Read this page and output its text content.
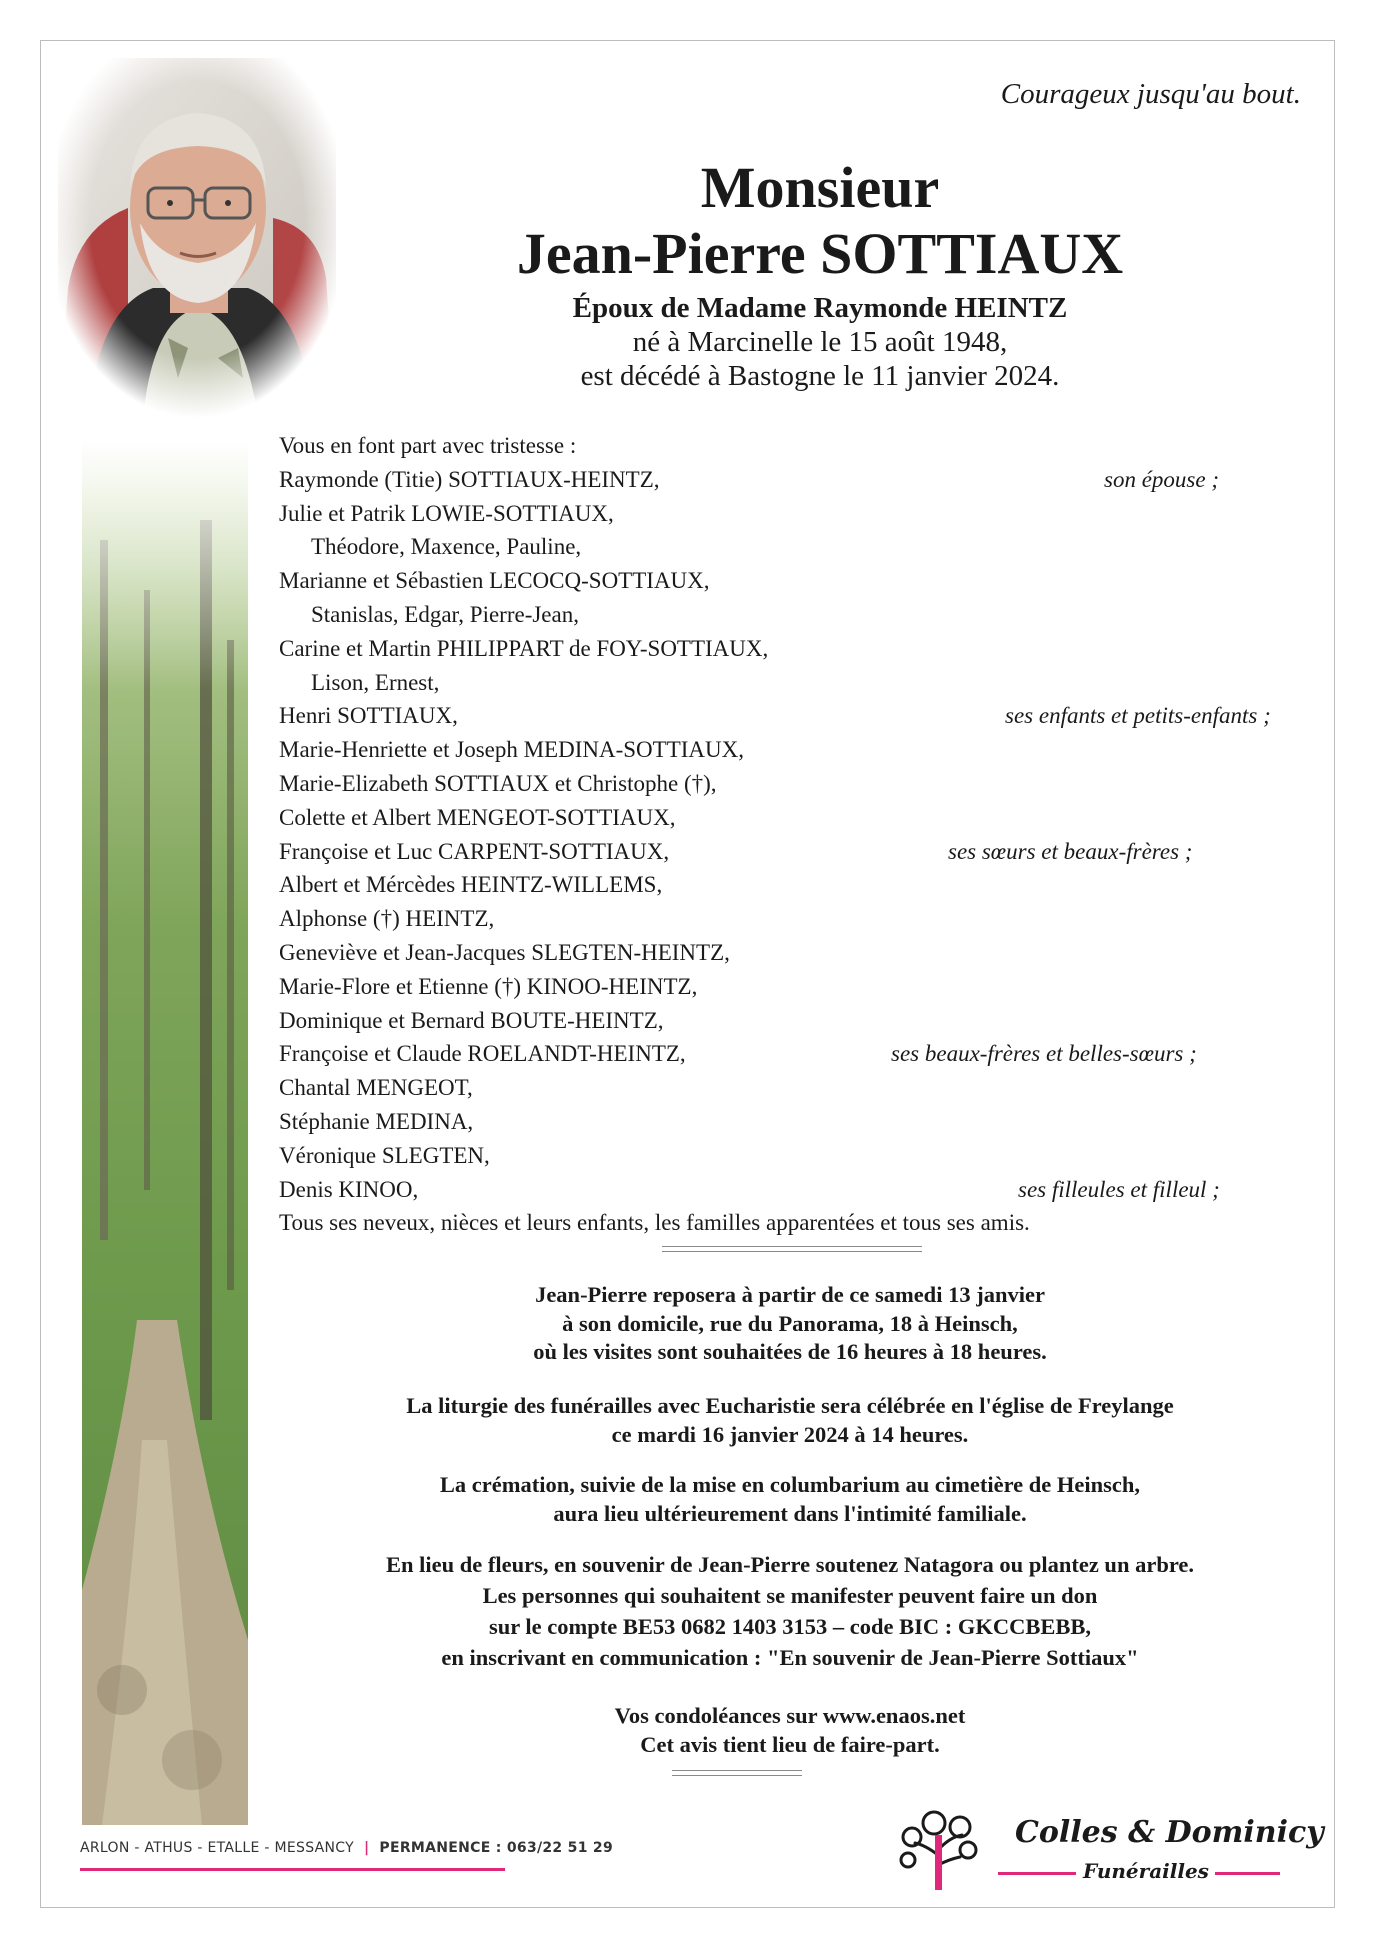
Courageux jusqu'au bout.
Monsieur
Jean-Pierre SOTTIAUX
Époux de Madame Raymonde HEINTZ
né à Marcinelle le 15 août 1948,
est décédé à Bastogne le 11 janvier 2024.
Vous en font part avec tristesse :
Raymonde (Titie) SOTTIAUX-HEINTZ,	son épouse ;
Julie et Patrik LOWIE-SOTTIAUX,
Théodore, Maxence, Pauline,
Marianne et Sébastien LECOCQ-SOTTIAUX,
Stanislas, Edgar, Pierre-Jean,
Carine et Martin PHILIPPART de FOY-SOTTIAUX,
Lison, Ernest,
Henri SOTTIAUX,	ses enfants et petits-enfants ;
Marie-Henriette et Joseph MEDINA-SOTTIAUX,
Marie-Elizabeth SOTTIAUX et Christophe (†),
Colette et Albert MENGEOT-SOTTIAUX,
Françoise et Luc CARPENT-SOTTIAUX,	ses sœurs et beaux-frères ;
Albert et Mércèdes HEINTZ-WILLEMS,
Alphonse (†) HEINTZ,
Geneviève et Jean-Jacques SLEGTEN-HEINTZ,
Marie-Flore et Etienne (†) KINOO-HEINTZ,
Dominique et Bernard BOUTE-HEINTZ,
Françoise et Claude ROELANDT-HEINTZ,	ses beaux-frères et belles-sœurs ;
Chantal MENGEOT,
Stéphanie MEDINA,
Véronique SLEGTEN,
Denis KINOO,	ses filleules et filleul ;
Tous ses neveux, nièces et leurs enfants, les familles apparentées et tous ses amis.
Jean-Pierre reposera à partir de ce samedi 13 janvier
à son domicile, rue du Panorama, 18 à Heinsch,
où les visites sont souhaitées de 16 heures à 18 heures.
La liturgie des funérailles avec Eucharistie sera célébrée en l'église de Freylange
ce mardi 16 janvier 2024 à 14 heures.
La crémation, suivie de la mise en columbarium au cimetière de Heinsch,
aura lieu ultérieurement dans l'intimité familiale.
En lieu de fleurs, en souvenir de Jean-Pierre soutenez Natagora ou plantez un arbre.
Les personnes qui souhaitent se manifester peuvent faire un don
sur le compte BE53 0682 1403 3153 – code BIC : GKCCBEBB,
en inscrivant en communication : "En souvenir de Jean-Pierre Sottiaux"
Vos condoléances sur www.enaos.net
Cet avis tient lieu de faire-part.
ARLON - ATHUS - ETALLE - MESSANCY | PERMANENCE : 063/22 51 29	Colles & Dominicy
Funérailles
